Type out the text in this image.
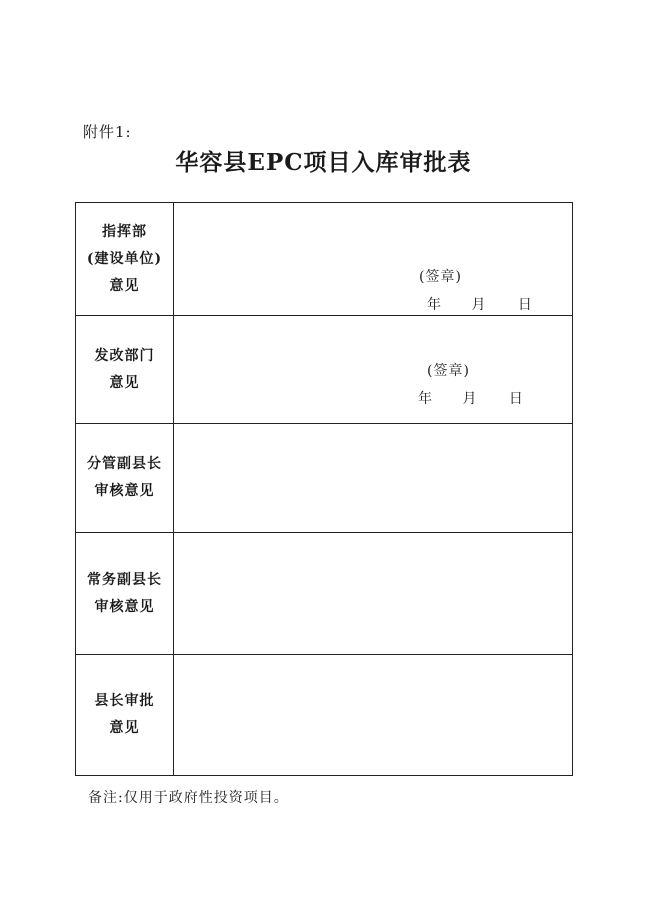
附件1:
华容县EPC项目入库审批表
指挥部
(建设单位)
意见
(签章)
年 月 日
发改部门
意见
(签章)
年 月 日
分管副县长
审核意见
常务副县长
审核意见
县长审批
意见
备注:仅用于政府性投资项目。
